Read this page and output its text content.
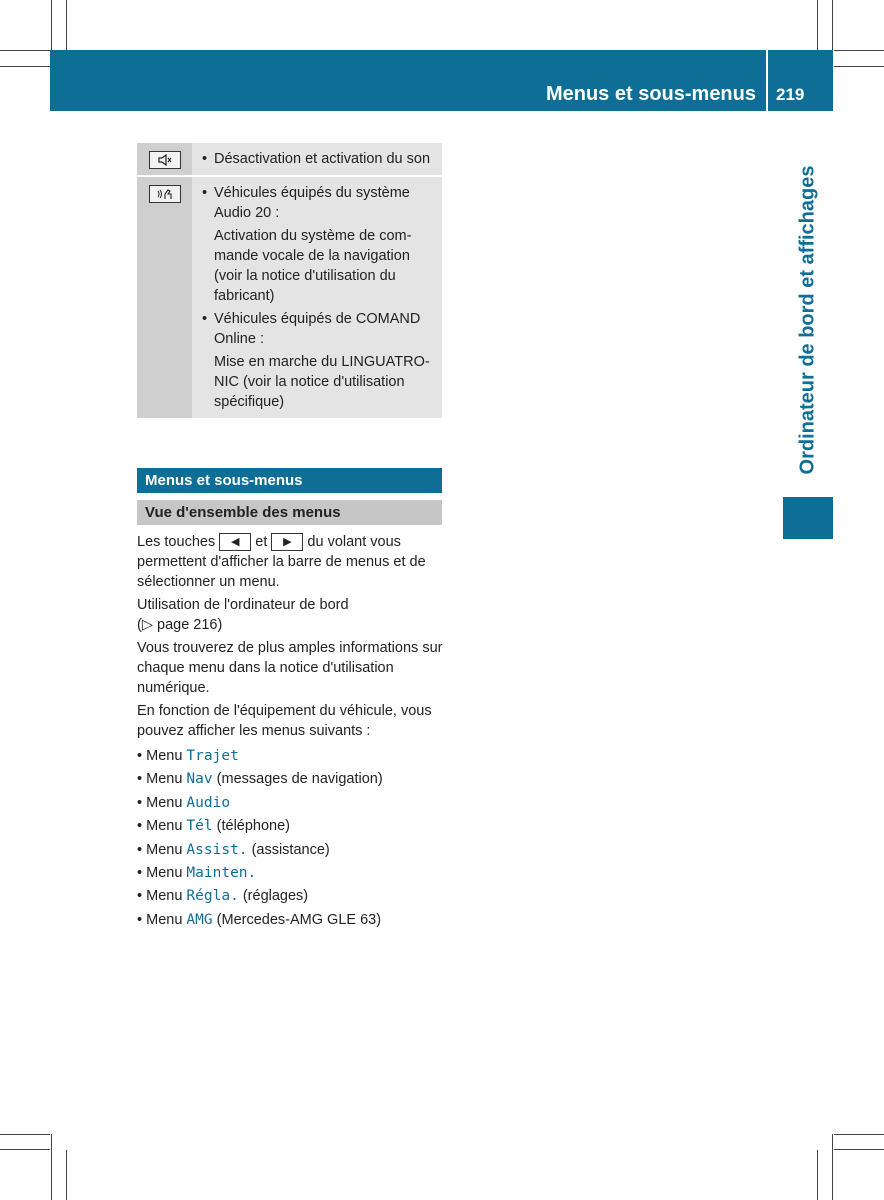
Menus et sous-menus 219
Ordinateur de bord et affichages
• Désactivation et activation du son
• Véhicules équipés du système Audio 20 :
Activation du système de commande vocale de la navigation (voir la notice d'utilisation du fabricant)
• Véhicules équipés de COMAND Online :
Mise en marche du LINGUATRONIC (voir la notice d'utilisation spécifique)
Menus et sous-menus
Vue d'ensemble des menus

Les touches ◀ et ▶ du volant vous permettent d'afficher la barre de menus et de sélectionner un menu.

Utilisation de l'ordinateur de bord
(▷ page 216)

Vous trouverez de plus amples informations sur chaque menu dans la notice d'utilisation numérique.

En fonction de l'équipement du véhicule, vous pouvez afficher les menus suivants :

• Menu Trajet
• Menu Nav (messages de navigation)
• Menu Audio
• Menu Tél (téléphone)
• Menu Assist. (assistance)
• Menu Mainten.
• Menu Régla. (réglages)
• Menu AMG (Mercedes-AMG GLE 63)
